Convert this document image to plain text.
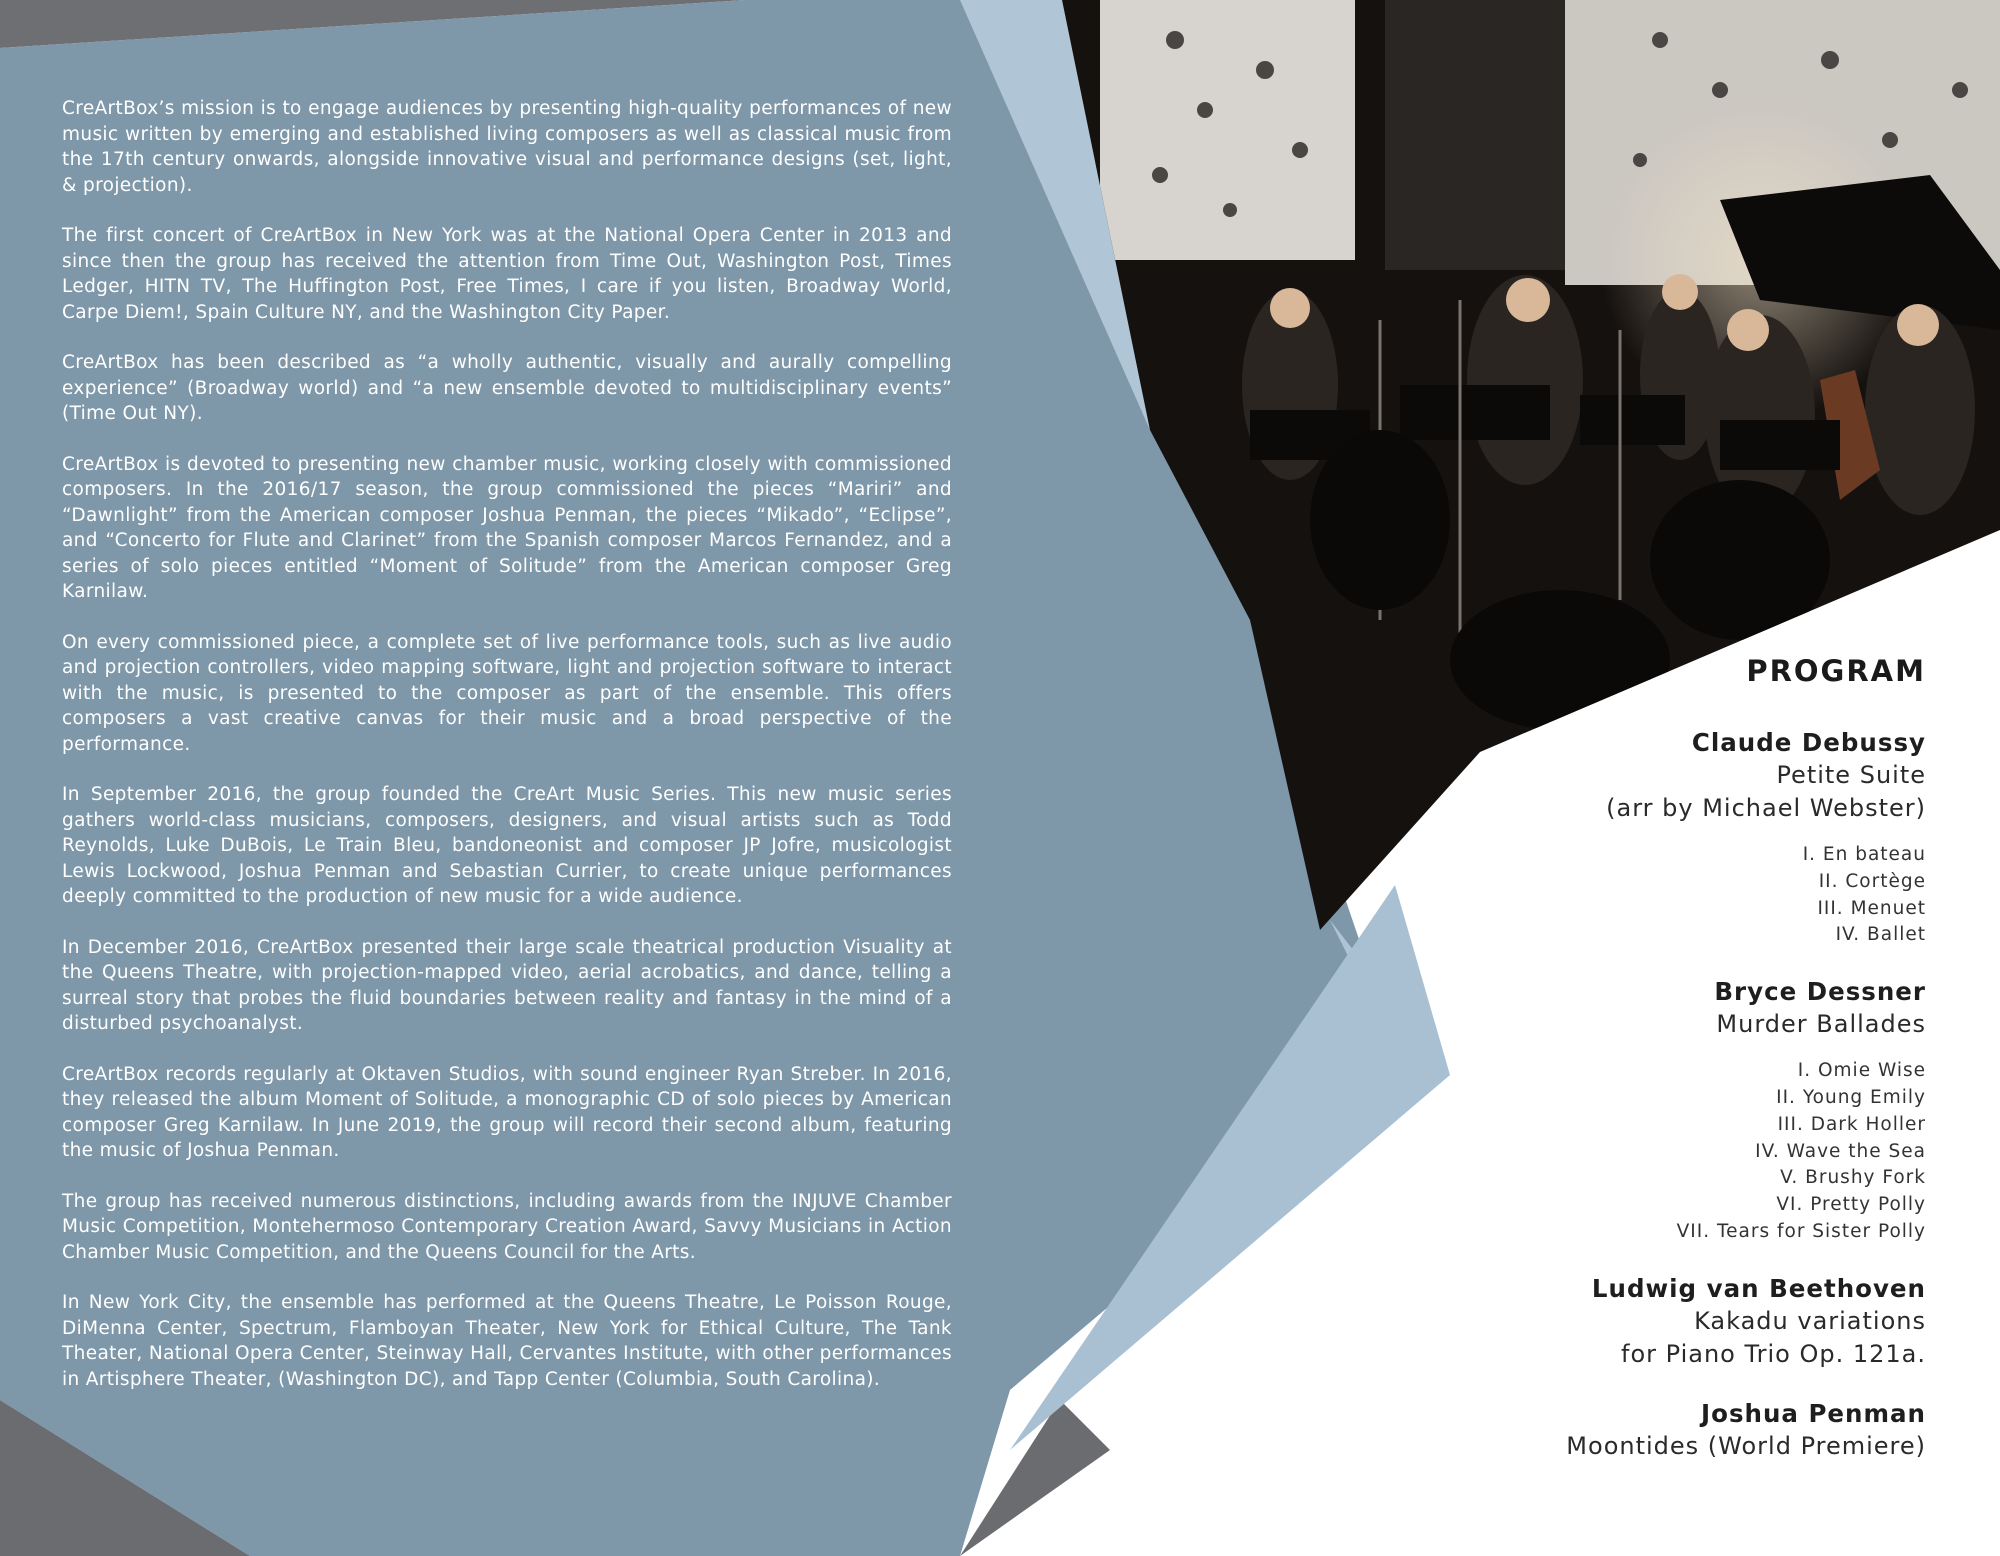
CreArtBox’s mission is to engage audiences by presenting high-quality performances of new music written by emerging and established living composers as well as classical music from the 17th century onwards, alongside innovative visual and performance designs (set, light, & projection).

The first concert of CreArtBox in New York was at the National Opera Center in 2013 and since then the group has received the attention from Time Out, Washington Post, Times Ledger, HITN TV, The Huffington Post, Free Times, I care if you listen, Broadway World, Carpe Diem!, Spain Culture NY, and the Washington City Paper.

CreArtBox has been described as “a wholly authentic, visually and aurally compelling experience” (Broadway world) and “a new ensemble devoted to multidisciplinary events” (Time Out NY).

CreArtBox is devoted to presenting new chamber music, working closely with commissioned composers. In the 2016/17 season, the group commissioned the pieces “Mariri” and “Dawnlight” from the American composer Joshua Penman, the pieces “Mikado”, “Eclipse”, and “Concerto for Flute and Clarinet” from the Spanish composer Marcos Fernandez, and a series of solo pieces entitled “Moment of Solitude” from the American composer Greg Karnilaw.

On every commissioned piece, a complete set of live performance tools, such as live audio and projection controllers, video mapping software, light and projection software to interact with the music, is presented to the composer as part of the ensemble. This offers composers a vast creative canvas for their music and a broad perspective of the performance.

In September 2016, the group founded the CreArt Music Series. This new music series gathers world-class musicians, composers, designers, and visual artists such as Todd Reynolds, Luke DuBois, Le Train Bleu, bandoneonist and composer JP Jofre, musicologist Lewis Lockwood, Joshua Penman and Sebastian Currier, to create unique performances deeply committed to the production of new music for a wide audience.

In December 2016, CreArtBox presented their large scale theatrical production Visuality at the Queens Theatre, with projection-mapped video, aerial acrobatics, and dance, telling a surreal story that probes the fluid boundaries between reality and fantasy in the mind of a disturbed psychoanalyst.

CreArtBox records regularly at Oktaven Studios, with sound engineer Ryan Streber. In 2016, they released the album Moment of Solitude, a monographic CD of solo pieces by American composer Greg Karnilaw. In June 2019, the group will record their second album, featuring the music of Joshua Penman.

The group has received numerous distinctions, including awards from the INJUVE Chamber Music Competition, Montehermoso Contemporary Creation Award, Savvy Musicians in Action Chamber Music Competition, and the Queens Council for the Arts.

In New York City, the ensemble has performed at the Queens Theatre, Le Poisson Rouge, DiMenna Center, Spectrum, Flamboyan Theater, New York for Ethical Culture, The Tank Theater, National Opera Center, Steinway Hall, Cervantes Institute, with other performances in Artisphere Theater, (Washington DC), and Tapp Center (Columbia, South Carolina).

PROGRAM
Claude Debussy
Petite Suite
(arr by Michael Webster)
I. En bateau
II. Cortège
III. Menuet
IV. Ballet
Bryce Dessner
Murder Ballades
I. Omie Wise
II. Young Emily
III. Dark Holler
IV. Wave the Sea
V. Brushy Fork
VI. Pretty Polly
VII. Tears for Sister Polly
Ludwig van Beethoven
Kakadu variations
for Piano Trio Op. 121a.
Joshua Penman
Moontides (World Premiere)
